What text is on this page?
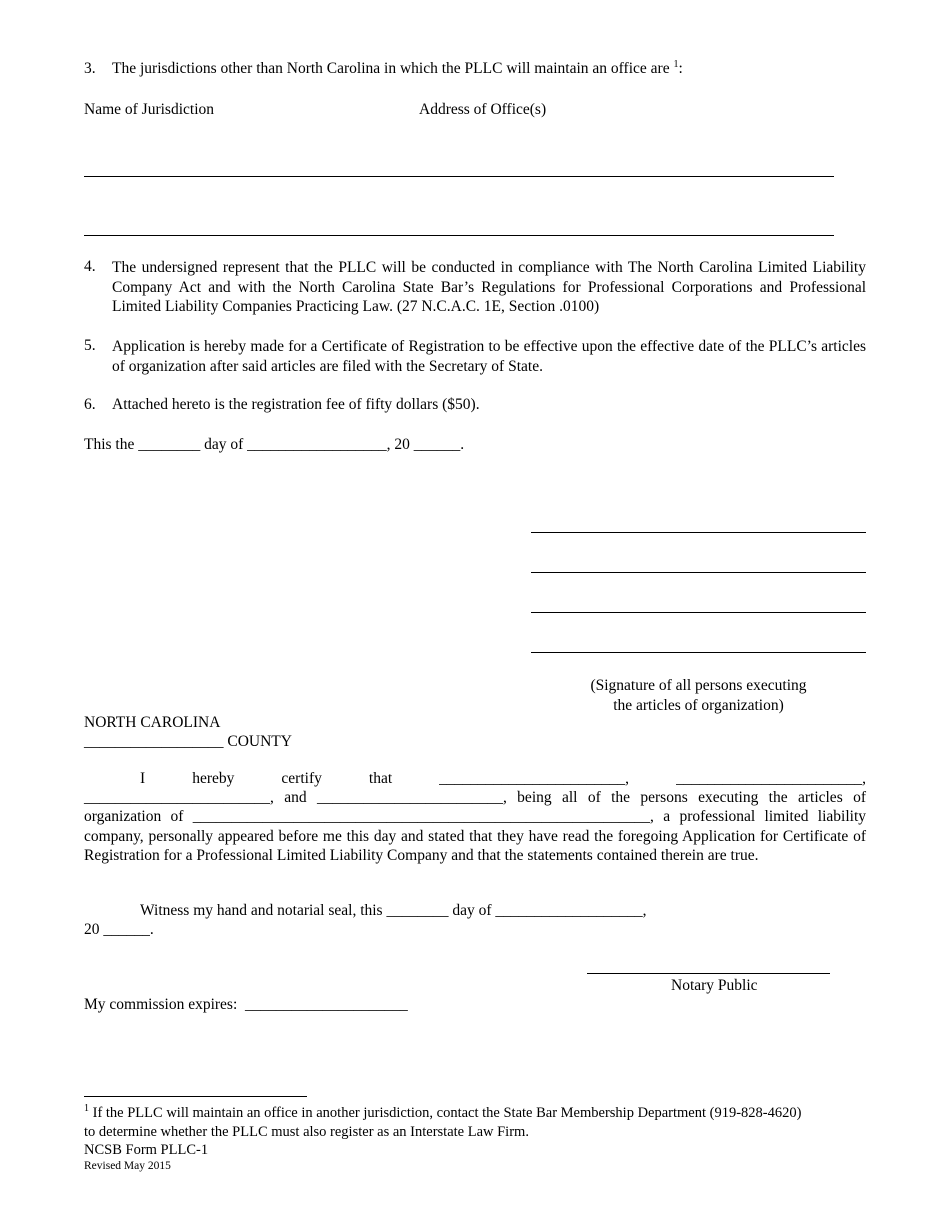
3. The jurisdictions other than North Carolina in which the PLLC will maintain an office are $^1$:
Name of Jurisdiction	Address of Office(s)
4. The undersigned represent that the PLLC will be conducted in compliance with The North Carolina Limited Liability Company Act and with the North Carolina State Bar’s Regulations for Professional Corporations and Professional Limited Liability Companies Practicing Law. (27 N.C.A.C. 1E, Section .0100)
5. Application is hereby made for a Certificate of Registration to be effective upon the effective date of the PLLC’s articles of organization after said articles are filed with the Secretary of State.
6. Attached hereto is the registration fee of fifty dollars ($50).
This the ________ day of __________________, 20 ______.
(Signature of all persons executing
the articles of organization)
NORTH CAROLINA
__________________ COUNTY
I	hereby	certify	that	________________________,	________________________,
________________________, and ________________________, being all of the persons executing the articles of
organization of ___________________________________________________________, a professional limited liability
company, personally appeared before me this day and stated that they have read the foregoing Application for Certificate of Registration for a Professional Limited Liability Company and that the statements contained therein are true.
Witness my hand and notarial seal, this ________ day of ___________________,
20 ______.
Notary Public
My commission expires:  _____________________
$^1$ If the PLLC will maintain an office in another jurisdiction, contact the State Bar Membership Department (919-828-4620)
to determine whether the PLLC must also register as an Interstate Law Firm.
NCSB Form PLLC-1
Revised May 2015
